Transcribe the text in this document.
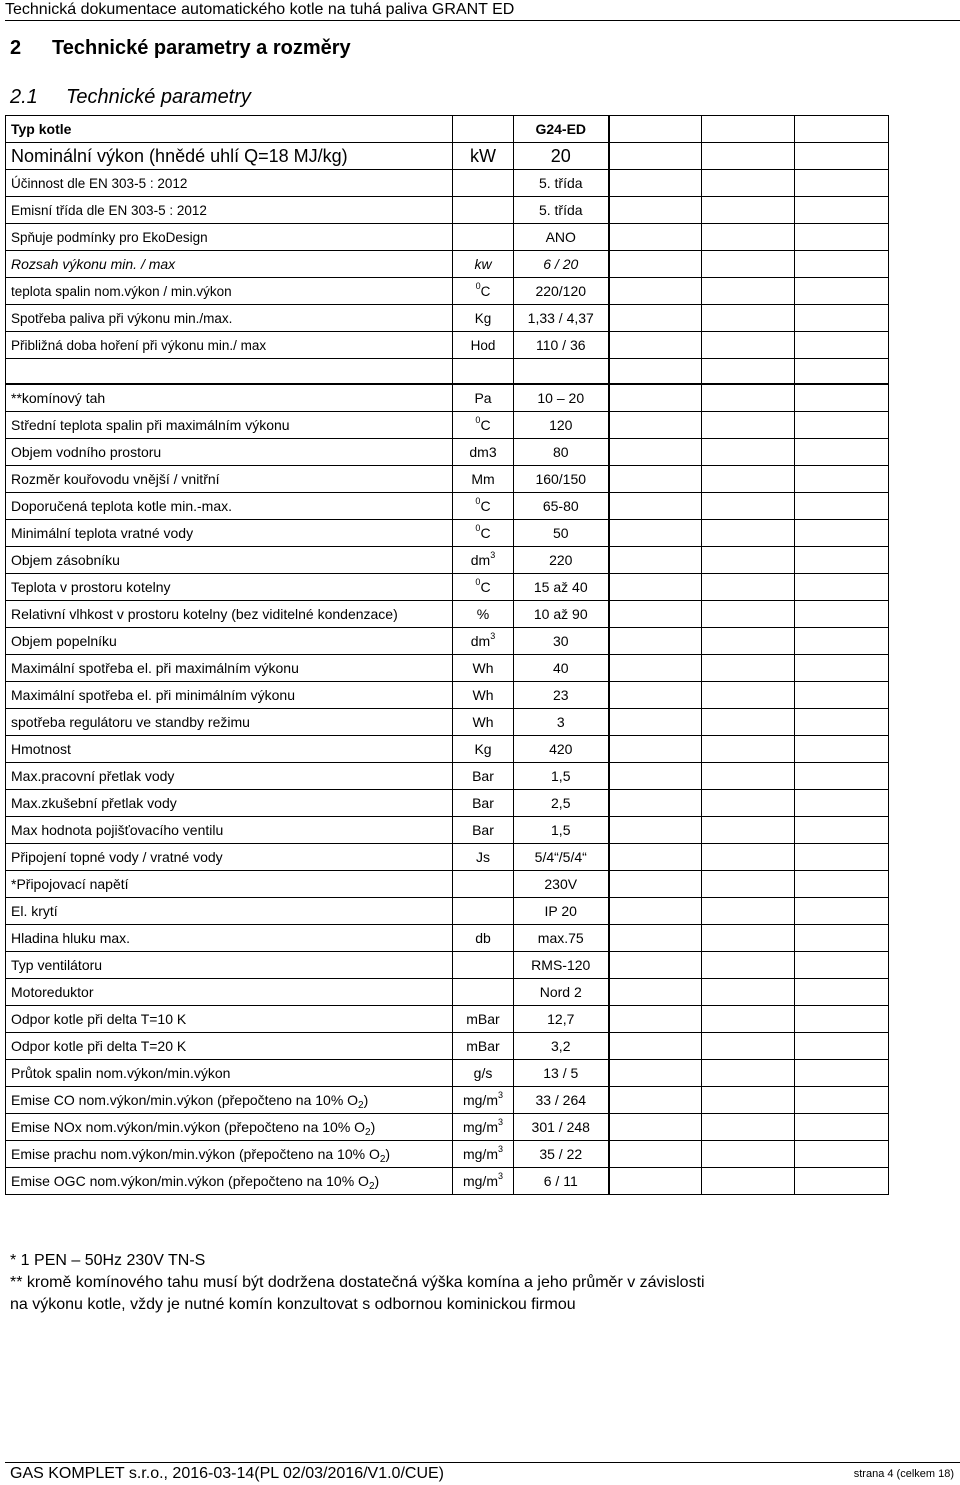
Technická dokumentace automatického kotle na tuhá paliva GRANT ED
2 Technické parametry a rozměry
2.1 Technické parametry
Typ kotle		G24-ED			
Nominální výkon (hnědé uhlí Q=18 MJ/kg)	kW	20			
Účinnost dle EN 303-5 : 2012		5. třída			
Emisní třída dle EN 303-5 : 2012		5. třída			
Spňuje podmínky pro EkoDesign		ANO			
Rozsah výkonu min. / max	kw	6 / 20			
teplota spalin nom.výkon / min.výkon	$^0$C	220/120			
Spotřeba paliva při výkonu min./max.	Kg	1,33 / 4,37			
Přibližná doba hoření při výkonu min./ max	Hod	110 / 36			

**komínový tah	Pa	10 – 20			
Střední teplota spalin při maximálním výkonu	$^0$C	120			
Objem vodního prostoru	dm3	80			
Rozměr kouřovodu vnější / vnitřní	Mm	160/150			
Doporučená teplota kotle min.-max.	$^0$C	65-80			
Minimální teplota vratné vody	$^0$C	50			
Objem zásobníku	$dm^3$	220			
Teplota v prostoru kotelny	$^0$C	15 až 40			
Relativní vlhkost v prostoru kotelny (bez viditelné kondenzace)	%	10 až 90			
Objem popelníku	$dm^3$	30			
Maximální spotřeba el. při maximálním výkonu	Wh	40			
Maximální spotřeba el. při minimálním výkonu	Wh	23			
spotřeba regulátoru ve standby režimu	Wh	3			
Hmotnost	Kg	420			
Max.pracovní přetlak vody	Bar	1,5			
Max.zkušební přetlak vody	Bar	2,5			
Max hodnota pojišťovacího ventilu	Bar	1,5			
Připojení topné vody / vratné vody	Js	5/4“/5/4“			
*Připojovací napětí		230V			
El. krytí		IP 20			
Hladina hluku max.	db	max.75			
Typ ventilátoru		RMS-120			
Motoreduktor		Nord 2			
Odpor kotle při delta T=10 K	mBar	12,7			
Odpor kotle při delta T=20 K	mBar	3,2			
Průtok spalin nom.výkon/min.výkon	g/s	13 / 5			
Emise CO nom.výkon/min.výkon (přepočteno na 10% $O_2$)	$mg/m^3$	33 / 264			
Emise NOx nom.výkon/min.výkon (přepočteno na 10% $O_2$)	$mg/m^3$	301 / 248			
Emise prachu nom.výkon/min.výkon (přepočteno na 10% $O_2$)	$mg/m^3$	35 / 22			
Emise OGC nom.výkon/min.výkon (přepočteno na 10% $O_2$)	$mg/m^3$	6 / 11			
* 1 PEN – 50Hz 230V TN-S
** kromě komínového tahu musí být dodržena dostatečná výška komína a jeho průměr v závislosti
na výkonu kotle, vždy je nutné komín konzultovat s odbornou kominickou firmou
GAS KOMPLET s.r.o., 2016-03-14(PL 02/03/2016/V1.0/CUE)	strana 4 (celkem 18)
